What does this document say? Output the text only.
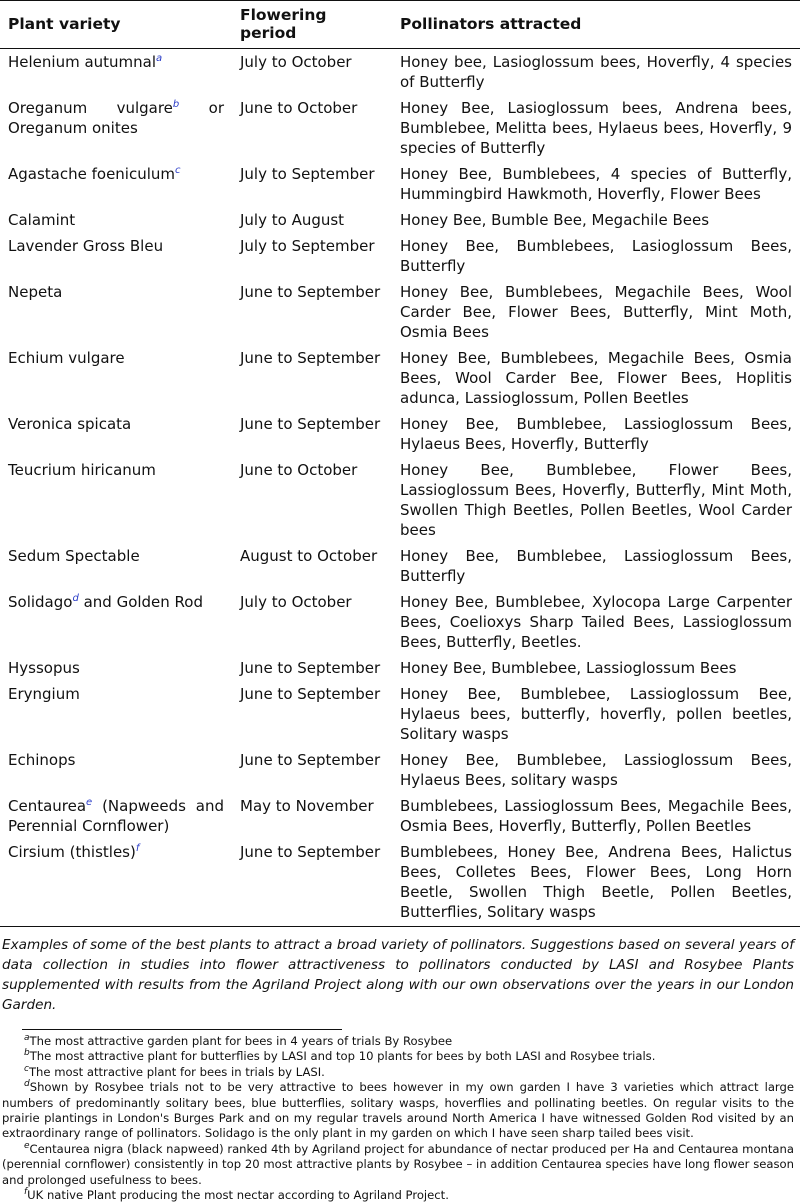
Plant variety	Flowering period	Pollinators attracted
Helenium autumnal$^a$	July to October	Honey bee, Lasioglossum bees, Hoverfly, 4 species of Butterfly
Oreganum vulgare$^b$ or Oreganum onites	June to October	Honey Bee, Lasioglossum bees, Andrena bees, Bumblebee, Melitta bees, Hylaeus bees, Hoverfly, 9 species of Butterfly
Agastache foeniculum$^c$	July to September	Honey Bee, Bumblebees, 4 species of Butterfly, Hummingbird Hawkmoth, Hoverfly, Flower Bees
Calamint	July to August	Honey Bee, Bumble Bee, Megachile Bees
Lavender Gross Bleu	July to September	Honey Bee, Bumblebees, Lasioglossum Bees, Butterfly
Nepeta	June to September	Honey Bee, Bumblebees, Megachile Bees, Wool Carder Bee, Flower Bees, Butterfly, Mint Moth, Osmia Bees
Echium vulgare	June to September	Honey Bee, Bumblebees, Megachile Bees, Osmia Bees, Wool Carder Bee, Flower Bees, Hoplitis adunca, Lassioglossum, Pollen Beetles
Veronica spicata	June to September	Honey Bee, Bumblebee, Lassioglossum Bees, Hylaeus Bees, Hoverfly, Butterfly
Teucrium hiricanum	June to October	Honey Bee, Bumblebee, Flower Bees, Lassioglossum Bees, Hoverfly, Butterfly, Mint Moth, Swollen Thigh Beetles, Pollen Beetles, Wool Carder bees
Sedum Spectable	August to October	Honey Bee, Bumblebee, Lassioglossum Bees, Butterfly
Solidago$^d$ and Golden Rod	July to October	Honey Bee, Bumblebee, Xylocopa Large Carpenter Bees, Coelioxys Sharp Tailed Bees, Lassioglossum Bees, Butterfly, Beetles.
Hyssopus	June to September	Honey Bee, Bumblebee, Lassioglossum Bees
Eryngium	June to September	Honey Bee, Bumblebee, Lassioglossum Bee, Hylaeus bees, butterfly, hoverfly, pollen beetles, Solitary wasps
Echinops	June to September	Honey Bee, Bumblebee, Lassioglossum Bees, Hylaeus Bees, solitary wasps
Centaurea$^e$ (Napweeds and Perennial Cornflower)	May to November	Bumblebees, Lassioglossum Bees, Megachile Bees, Osmia Bees, Hoverfly, Butterfly, Pollen Beetles
Cirsium (thistles)$^f$	June to September	Bumblebees, Honey Bee, Andrena Bees, Halictus Bees, Colletes Bees, Flower Bees, Long Horn Beetle, Swollen Thigh Beetle, Pollen Beetles, Butterflies, Solitary wasps
Examples of some of the best plants to attract a broad variety of pollinators. Suggestions based on several years of data collection in studies into flower attractiveness to pollinators conducted by LASI and Rosybee Plants supplemented with results from the Agriland Project along with our own observations over the years in our London Garden.

$^a$The most attractive garden plant for bees in 4 years of trials By Rosybee

$^b$The most attractive plant for butterflies by LASI and top 10 plants for bees by both LASI and Rosybee trials.

$^c$The most attractive plant for bees in trials by LASI.

$^d$Shown by Rosybee trials not to be very attractive to bees however in my own garden I have 3 varieties which attract large numbers of predominantly solitary bees, blue butterflies, solitary wasps, hoverflies and pollinating beetles. On regular visits to the prairie plantings in London's Burges Park and on my regular travels around North America I have witnessed Golden Rod visited by an extraordinary range of pollinators. Solidago is the only plant in my garden on which I have seen sharp tailed bees visit.

$^e$Centaurea nigra (black napweed) ranked 4th by Agriland project for abundance of nectar produced per Ha and Centaurea montana (perennial cornflower) consistently in top 20 most attractive plants by Rosybee – in addition Centaurea species have long flower season and prolonged usefulness to bees.

$^f$UK native Plant producing the most nectar according to Agriland Project.
